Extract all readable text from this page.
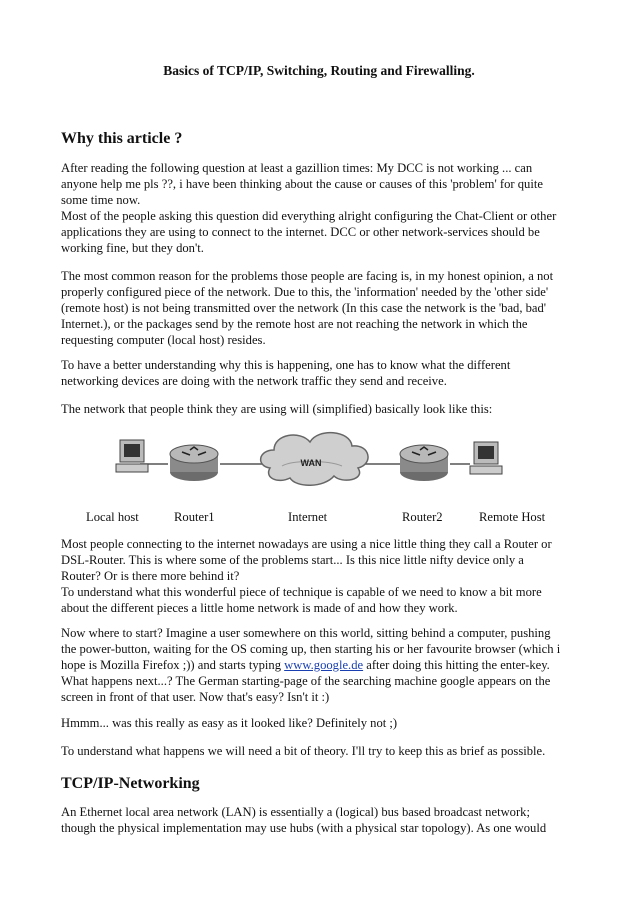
Basics of TCP/IP, Switching, Routing and Firewalling.
Why this article ?

After reading the following question at least a gazillion times: My DCC is not working ... can

anyone help me pls ??, i have been thinking about the cause or causes of this 'problem' for quite

some time now.

Most of the people asking this question did everything alright configuring the Chat-Client or other

applications they are using to connect to the internet. DCC or other network-services should be

working fine, but they don't.

The most common reason for the problems those people are facing is, in my honest opinion, a not

properly configured piece of the network. Due to this, the 'information' needed by the 'other side'

(remote host) is not being transmitted over the network (In this case the network is the 'bad, bad'

Internet.), or the packages send by the remote host are not reaching the network in which the

requesting computer (local host) resides.

To have a better understanding why this is happening, one has to know what the different

networking devices are doing with the network traffic they send and receive.

The network that people think they are using will (simplified) basically look like this:

WAN
Local host	Router1	Internet	Router2	Remote Host

Most people connecting to the internet nowadays are using a nice little thing they call a Router or

DSL-Router. This is where some of the problems start... Is this nice little nifty device only a

Router? Or is there more behind it?

To understand what this wonderful piece of technique is capable of we need to know a bit more

about the different pieces a little home network is made of and how they work.

Now where to start? Imagine a user somewhere on this world, sitting behind a computer, pushing

the power-button, waiting for the OS coming up, then starting his or her favourite browser (which i

hope is Mozilla Firefox ;)) and starts typing www.google.de after doing this hitting the enter-key.

What happens next...? The German starting-page of the searching machine google appears on the

screen in front of that user. Now that's easy? Isn't it :)

Hmmm... was this really as easy as it looked like? Definitely not ;)

To understand what happens we will need a bit of theory. I'll try to keep this as brief as possible.

TCP/IP-Networking

An Ethernet local area network (LAN) is essentially a (logical) bus based broadcast network;

though the physical implementation may use hubs (with a physical star topology). As one would
